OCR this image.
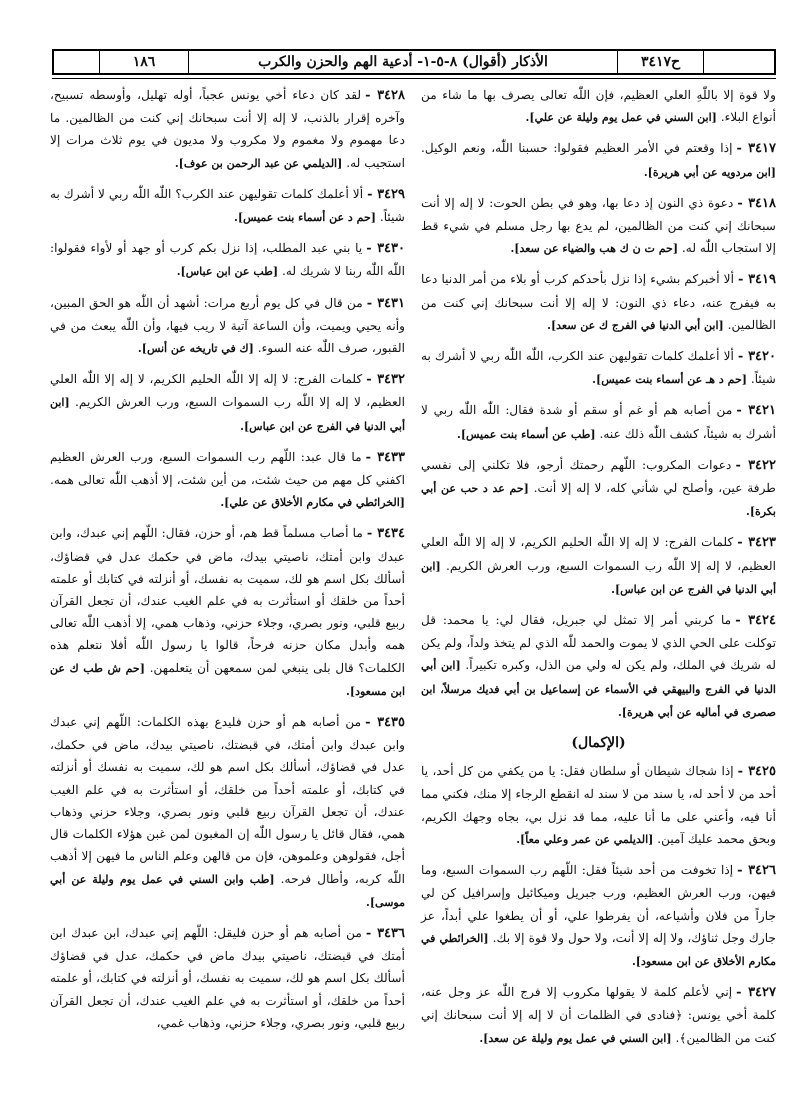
ح٣٤١٧
الأذكار (أقوال) ٨-٥-١- أدعية الهم والحزن والكرب
١٨٦

ولا قوة إلا باللّٰهِ العلي العظيم، فإن اللّٰه تعالى يصرف بها ما شاء من أنواع البلاء. [ابن السني في عمل يوم وليلة عن علي].

٣٤١٧ -إذا وقعتم في الأمر العظيم فقولوا: حسبنا اللّٰه، ونعم الوكيل. [ابن مردويه عن أبي هريرة].

٣٤١٨ -دعوة ذي النون إذ دعا بها، وهو في بطن الحوت: لا إله إلا أنت سبحانك إني كنت من الظالمين، لم يدع بها رجل مسلم في شيء قط إلا استجاب اللّٰه له. [حم ت ن ك هب والضياء عن سعد].

٣٤١٩ -ألا أخبركم بشيء إذا نزل بأحدكم كرب أو بلاء من أمر الدنيا دعا به فيفرج عنه، دعاء ذي النون: لا إله إلا أنت سبحانك إني كنت من الظالمين. [ابن أبي الدنيا في الفرج ك عن سعد].

٣٤٢٠ -ألا أعلمك كلمات تقوليهن عند الكرب، اللّٰه اللّٰه ربي لا أشرك به شيئاً. [حم د هـ عن أسماء بنت عميس].

٣٤٢١ -من أصابه هم أو غم أو سقم أو شدة فقال: اللّٰه اللّٰه ربي لا أشرك به شيئاً، كشف اللّٰه ذلك عنه. [طب عن أسماء بنت عميس].

٣٤٢٢ -دعوات المكروب: اللّهم رحمتك أرجو، فلا تكلني إلى نفسي طرفة عين، وأصلح لي شأني كله، لا إله إلا أنت. [حم عد د حب عن أبي بكرة].

٣٤٢٣ -كلمات الفرج: لا إله إلا اللّٰه الحليم الكريم، لا إله إلا اللّٰه العلي العظيم، لا إله إلا اللّٰه رب السموات السبع، ورب العرش الكريم. [ابن أبي الدنيا في الفرج عن ابن عباس].

٣٤٢٤ -ما كربني أمر إلا تمثل لي جبريل، فقال لي: يا محمد: قل توكلت على الحي الذي لا يموت والحمد للّٰه الذي لم يتخذ ولداً، ولم يكن له شريك في الملك، ولم يكن له ولي من الذل، وكبره تكبيراً. [ابن أبي الدنيا في الفرج والبيهقي في الأسماء عن إسماعيل بن أبي فديك مرسلاً، ابن صصرى في أماليه عن أبي هريرة].

(الإكمال)

٣٤٢٥ -إذا شجاك شيطان أو سلطان فقل: يا من يكفي من كل أحد، يا أحد من لا أحد له، يا سند من لا سند له انقطع الرجاء إلا منك، فكني مما أنا فيه، وأعني على ما أنا عليه، مما قد نزل بي، بجاه وجهك الكريم، وبحق محمد عليك آمين. [الديلمي عن عمر وعلي معاً].

٣٤٢٦ -إذا تخوفت من أحد شيئاً فقل: اللّهم رب السموات السبع، وما فيهن، ورب العرش العظيم، ورب جبريل وميكائيل وإسرافيل كن لي جاراً من فلان وأشياعه، أن يفرطوا علي، أو أن يطغوا علي أبداً، عز جارك وجل ثناؤك، ولا إله إلا أنت، ولا حول ولا قوة إلا بك. [الخرائطي في مكارم الأخلاق عن ابن مسعود].

٣٤٢٧ -إني لأعلم كلمة لا يقولها مكروب إلا فرج اللّٰه عز وجل عنه، كلمة أخي يونس: ﴿فنادى في الظلمات أن لا إله إلا أنت سبحانك إني كنت من الظالمين﴾. [ابن السني في عمل يوم وليلة عن سعد].

٣٤٢٨ -لقد كان دعاء أخي يونس عجباً، أوله تهليل، وأوسطه تسبيح، وآخره إقرار بالذنب، لا إله إلا أنت سبحانك إني كنت من الظالمين. ما دعا مهموم ولا مغموم ولا مكروب ولا مديون في يوم ثلاث مرات إلا استجيب له. [الديلمي عن عبد الرحمن بن عوف].

٣٤٢٩ -ألا أعلمك كلمات تقوليهن عند الكرب؟ اللّٰه اللّٰه ربي لا أشرك به شيئاً. [حم د عن أسماء بنت عميس].

٣٤٣٠ -يا بني عبد المطلب، إذا نزل بكم كرب أو جهد أو لأواء فقولوا: اللّٰه اللّٰه ربنا لا شريك له. [طب عن ابن عباس].

٣٤٣١ -من قال في كل يوم أربع مرات: أشهد أن اللّٰه هو الحق المبين، وأنه يحيي ويميت، وأن الساعة آتية لا ريب فيها، وأن اللّٰه يبعث من في القبور، صرف اللّٰه عنه السوء. [ك في تاريخه عن أنس].

٣٤٣٢ -كلمات الفرج: لا إله إلا اللّٰه الحليم الكريم، لا إله إلا اللّٰه العلي العظيم، لا إله إلا اللّٰه رب السموات السبع، ورب العرش الكريم. [ابن أبي الدنيا في الفرج عن ابن عباس].

٣٤٣٣ -ما قال عبد: اللّهم رب السموات السبع، ورب العرش العظيم اكفني كل مهم من حيث شئت، من أين شئت، إلا أذهب اللّٰه تعالى همه. [الخرائطي في مكارم الأخلاق عن علي].

٣٤٣٤ -ما أصاب مسلماً قط هم، أو حزن، فقال: اللّهم إني عبدك، وابن عبدك وابن أمتك، ناصيتي بيدك، ماض في حكمك عدل في قضاؤك، أسألك بكل اسم هو لك، سميت به نفسك، أو أنزلته في كتابك أو علمته أحداً من خلقك أو استأثرت به في علم الغيب عندك، أن تجعل القرآن ربيع قلبي، ونور بصري، وجلاء حزني، وذهاب همي، إلا أذهب اللّٰه تعالى همه وأبدل مكان حزنه فرحاً، قالوا يا رسول اللّٰه أفلا نتعلم هذه الكلمات؟ قال بلى ينبغي لمن سمعهن أن يتعلمهن. [حم ش طب ك عن ابن مسعود].

٣٤٣٥ -من أصابه هم أو حزن فليدع بهذه الكلمات: اللّهم إني عبدك وابن عبدك وابن أمتك، في قبضتك، ناصيتي بيدك، ماض في حكمك، عدل في قضاؤك، أسألك بكل اسم هو لك، سميت به نفسك أو أنزلته في كتابك، أو علمته أحداً من خلقك، أو استأثرت به في علم الغيب عندك، أن تجعل القرآن ربيع قلبي ونور بصري، وجلاء حزني وذهاب همي، فقال قائل يا رسول اللّٰه إن المغبون لمن غبن هؤلاء الكلمات قال أجل، فقولوهن وعلموهن، فإن من قالهن وعلم الناس ما فيهن إلا أذهب اللّٰه كربه، وأطال فرحه. [طب وابن السني في عمل يوم وليلة عن أبي موسى].

٣٤٣٦ -من أصابه هم أو حزن فليقل: اللّهم إني عبدك، ابن عبدك ابن أمتك في قبضتك، ناصيتي بيدك ماض في حكمك، عدل في قضاؤك أسألك بكل اسم هو لك، سميت به نفسك، أو أنزلته في كتابك، أو علمته أحداً من خلقك، أو استأثرت به في علم الغيب عندك، أن تجعل القرآن ربيع قلبي، ونور بصري، وجلاء حزني، وذهاب غمي،
